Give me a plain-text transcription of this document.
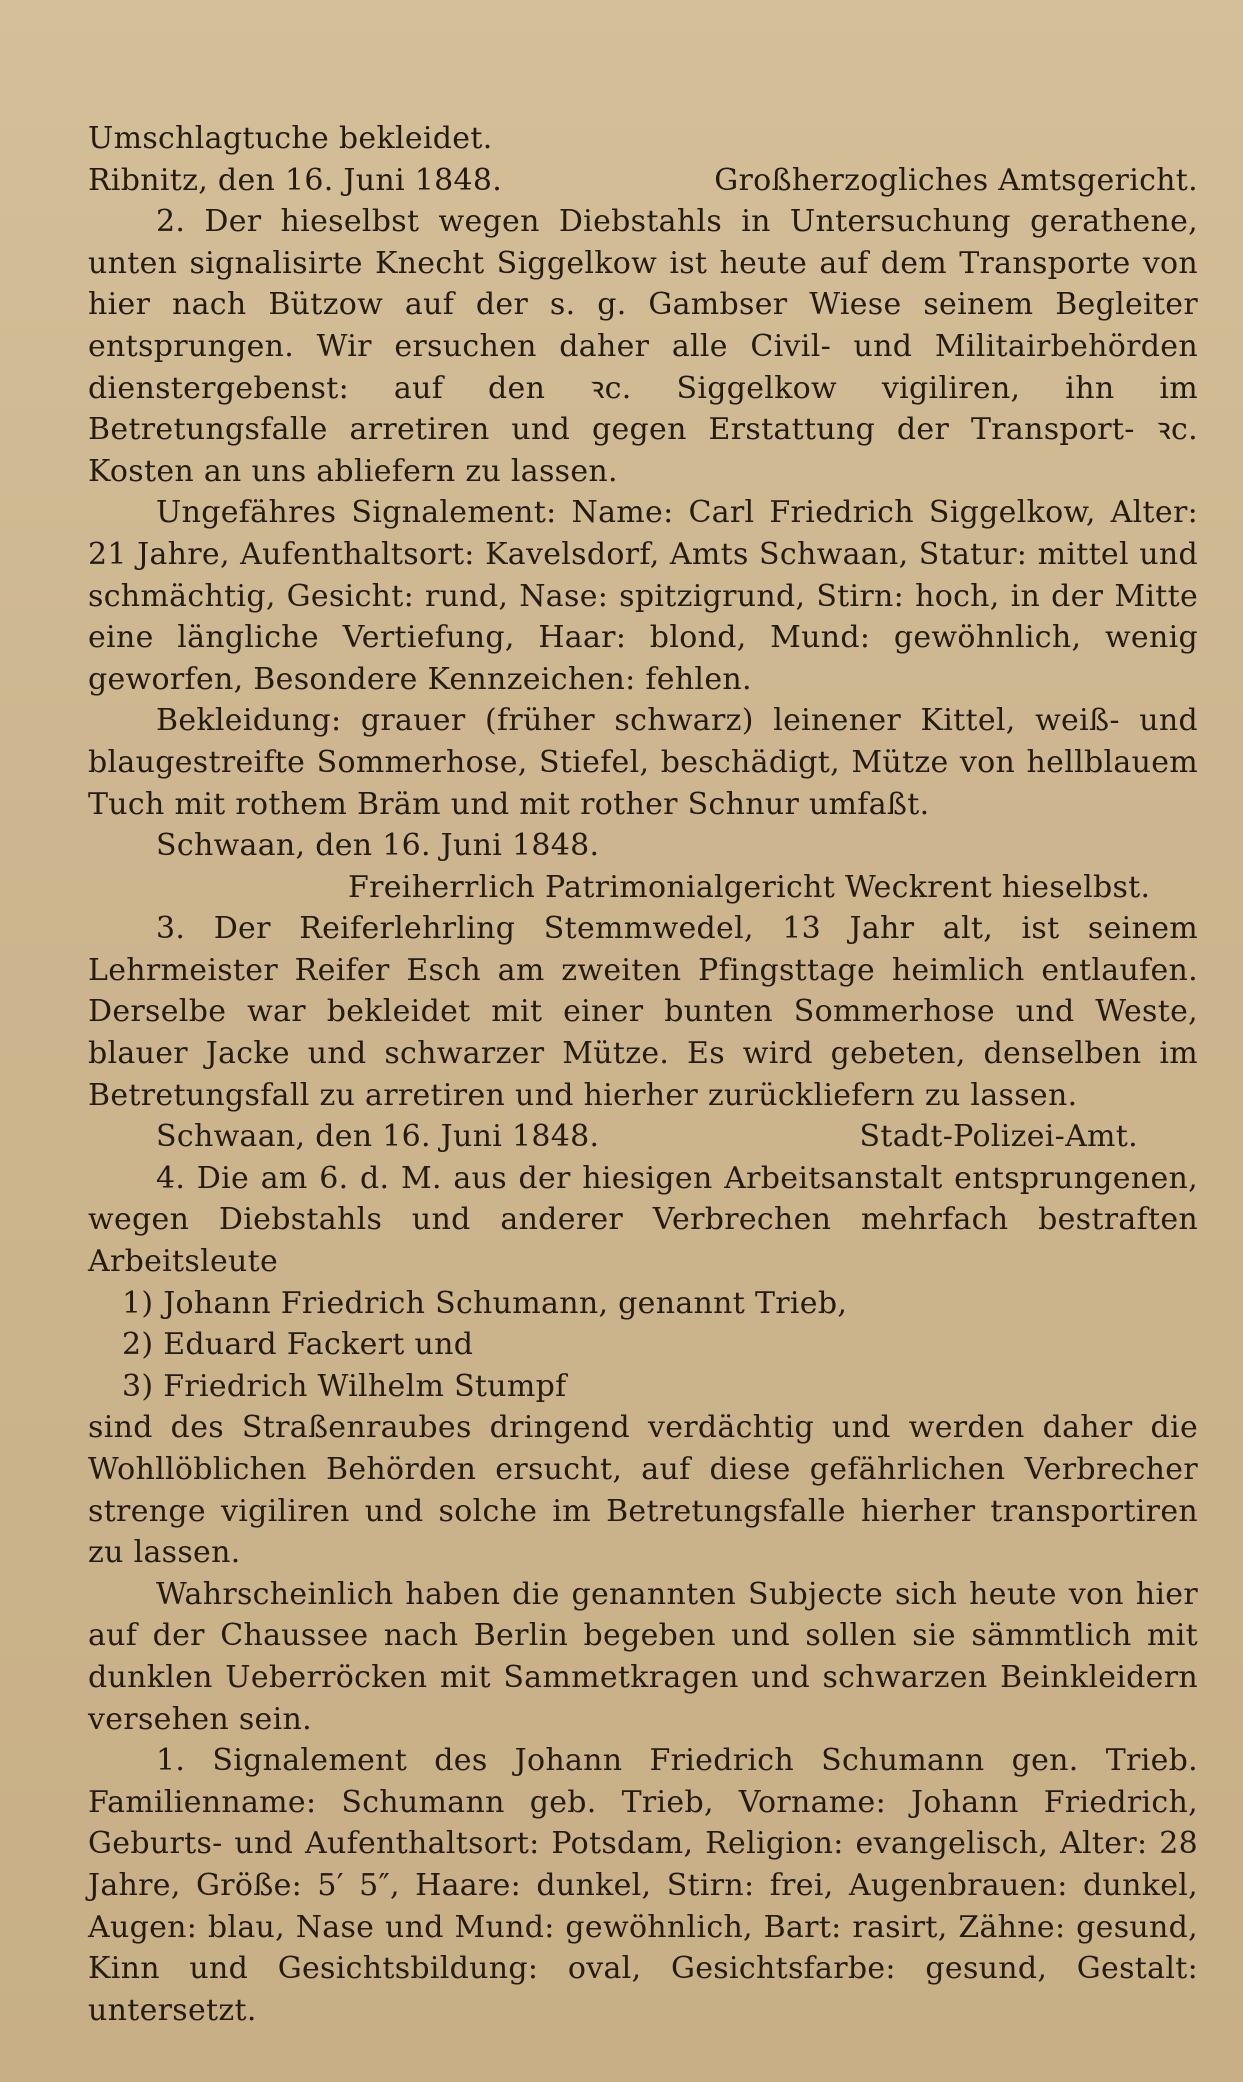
Umschlagtuche bekleidet.

Ribnitz, den 16. Juni 1848.	Großherzogliches Amtsgericht.

2. Der hieselbst wegen Diebstahls in Untersuchung gerathene, unten signalisirte Knecht Siggelkow ist heute auf dem Transporte von hier nach Bützow auf der s. g. Gambser Wiese seinem Begleiter entsprungen. Wir ersuchen daher alle Civil- und Militairbehörden dienstergebenst: auf den ꝛc. Siggelkow vigiliren, ihn im Betretungsfalle arretiren und gegen Erstattung der Transport- ꝛc. Kosten an uns abliefern zu lassen.

Ungefähres Signalement: Name: Carl Friedrich Siggelkow, Alter: 21 Jahre, Aufenthaltsort: Kavelsdorf, Amts Schwaan, Statur: mittel und schmächtig, Gesicht: rund, Nase: spitzigrund, Stirn: hoch, in der Mitte eine längliche Vertiefung, Haar: blond, Mund: gewöhnlich, wenig geworfen, Besondere Kennzeichen: fehlen.

Bekleidung: grauer (früher schwarz) leinener Kittel, weiß- und blaugestreifte Sommerhose, Stiefel, beschädigt, Mütze von hellblauem Tuch mit rothem Bräm und mit rother Schnur umfaßt.

Schwaan, den 16. Juni 1848.

Freiherrlich Patrimonialgericht Weckrent hieselbst.

3. Der Reiferlehrling Stemmwedel, 13 Jahr alt, ist seinem Lehrmeister Reifer Esch am zweiten Pfingsttage heimlich entlaufen. Derselbe war bekleidet mit einer bunten Sommerhose und Weste, blauer Jacke und schwarzer Mütze. Es wird gebeten, denselben im Betretungsfall zu arretiren und hierher zurückliefern zu lassen.

Schwaan, den 16. Juni 1848.	Stadt-Polizei-Amt.

4. Die am 6. d. M. aus der hiesigen Arbeitsanstalt entsprungenen, wegen Diebstahls und anderer Verbrechen mehrfach bestraften Arbeitsleute

1) Johann Friedrich Schumann, genannt Trieb,

2) Eduard Fackert und

3) Friedrich Wilhelm Stumpf

sind des Straßenraubes dringend verdächtig und werden daher die Wohllöblichen Behörden ersucht, auf diese gefährlichen Verbrecher strenge vigiliren und solche im Betretungsfalle hierher transportiren zu lassen.

Wahrscheinlich haben die genannten Subjecte sich heute von hier auf der Chaussee nach Berlin begeben und sollen sie sämmtlich mit dunklen Ueberröcken mit Sammetkragen und schwarzen Beinkleidern versehen sein.

1. Signalement des Johann Friedrich Schumann gen. Trieb. Familienname: Schumann geb. Trieb, Vorname: Johann Friedrich, Geburts- und Aufenthaltsort: Potsdam, Religion: evangelisch, Alter: 28 Jahre, Größe: 5′ 5″, Haare: dunkel, Stirn: frei, Augenbrauen: dunkel, Augen: blau, Nase und Mund: gewöhnlich, Bart: rasirt, Zähne: gesund, Kinn und Gesichtsbildung: oval, Gesichtsfarbe: gesund, Gestalt: untersetzt.
